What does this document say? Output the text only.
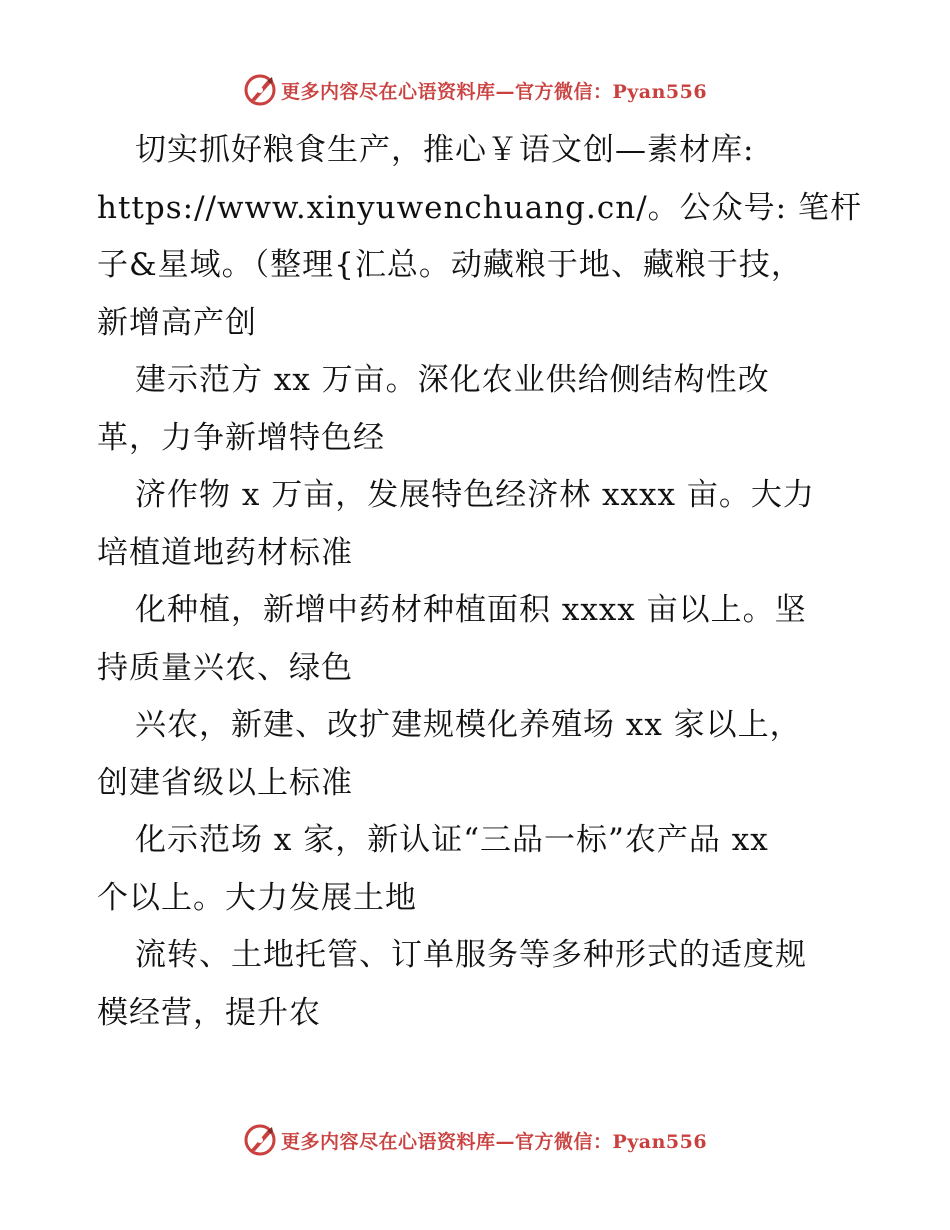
更多内容尽在心语资料库—官方微信：Pyan556
切实抓好粮食生产，推心￥语文创—素材库:
https://www.xinyuwenchuang.cn/。公众号: 笔杆
子&星域。（整理{汇总。动藏粮于地、藏粮于技，
新增高产创
建示范方 xx 万亩。深化农业供给侧结构性改
革，力争新增特色经
济作物 x 万亩，发展特色经济林 xxxx 亩。大力
培植道地药材标准
化种植，新增中药材种植面积 xxxx 亩以上。坚
持质量兴农、绿色
兴农，新建、改扩建规模化养殖场 xx 家以上，
创建省级以上标准
化示范场 x 家，新认证“三品一标”农产品 xx
个以上。大力发展土地
流转、土地托管、订单服务等多种形式的适度规
模经营，提升农
更多内容尽在心语资料库—官方微信：Pyan556
